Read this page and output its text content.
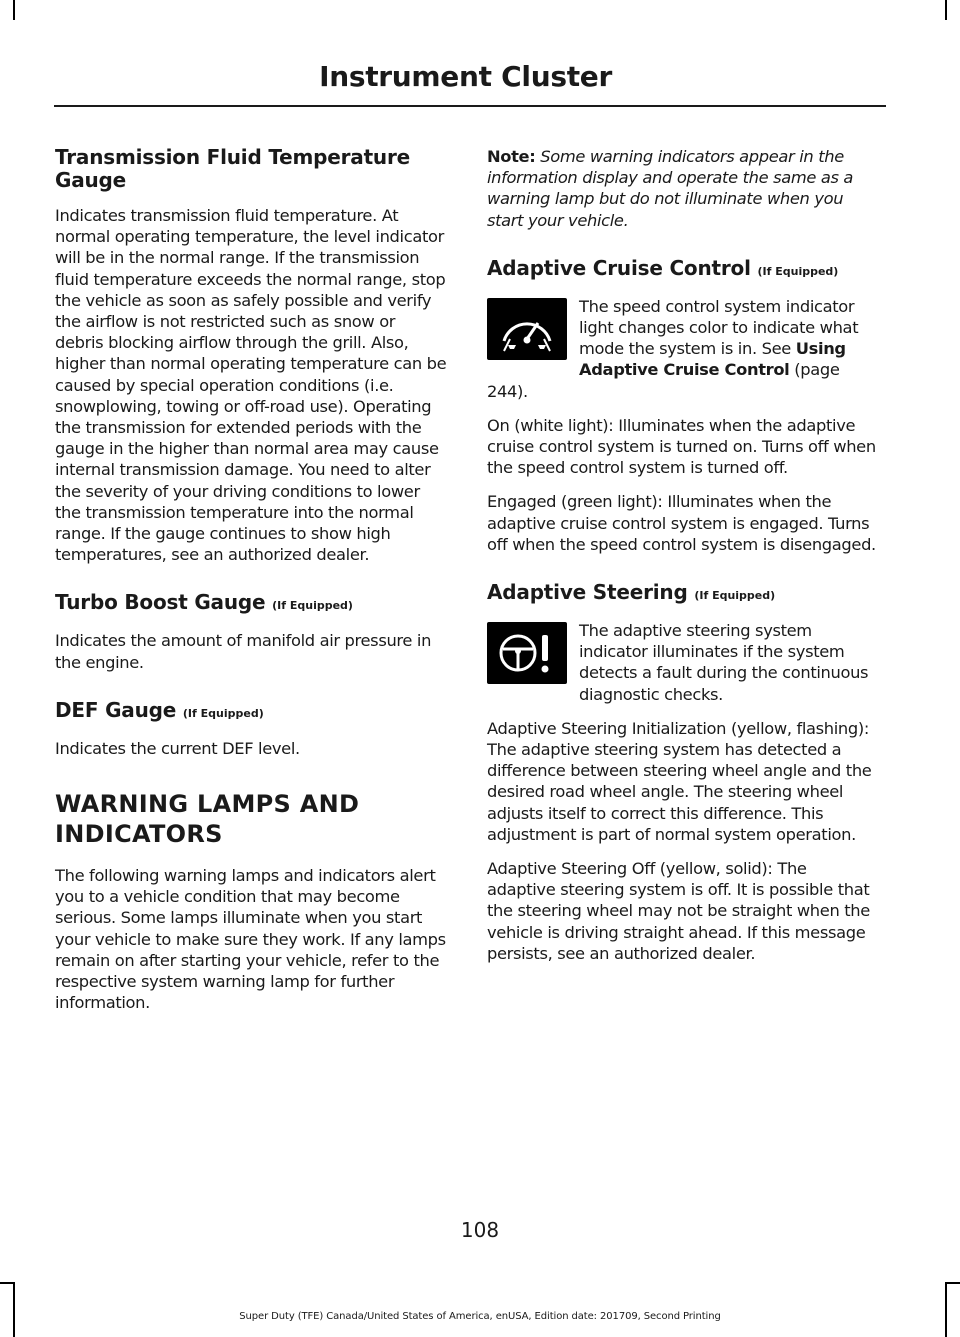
Instrument Cluster
Transmission Fluid Temperature Gauge

Indicates transmission fluid temperature. At normal operating temperature, the level indicator will be in the normal range. If the transmission fluid temperature exceeds the normal range, stop the vehicle as soon as safely possible and verify the airflow is not restricted such as snow or debris blocking airflow through the grill. Also, higher than normal operating temperature can be caused by special operation conditions (i.e. snowplowing, towing or off-road use). Operating the transmission for extended periods with the gauge in the higher than normal area may cause internal transmission damage. You need to alter the severity of your driving conditions to lower the transmission temperature into the normal range. If the gauge continues to show high temperatures, see an authorized dealer.

Turbo Boost Gauge (If Equipped)

Indicates the amount of manifold air pressure in the engine.

DEF Gauge (If Equipped)

Indicates the current DEF level.

WARNING LAMPS AND
INDICATORS

The following warning lamps and indicators alert you to a vehicle condition that may become serious. Some lamps illuminate when you start your vehicle to make sure they work. If any lamps remain on after starting your vehicle, refer to the respective system warning lamp for further information.

Note: Some warning indicators appear in the information display and operate the same as a warning lamp but do not illuminate when you start your vehicle.

Adaptive Cruise Control (If Equipped)

The speed control system indicator light changes color to indicate what mode the system is in. See Using Adaptive Cruise Control (page 244).

On (white light): Illuminates when the adaptive cruise control system is turned on. Turns off when the speed control system is turned off.

Engaged (green light): Illuminates when the adaptive cruise control system is engaged. Turns off when the speed control system is disengaged.

Adaptive Steering (If Equipped)

The adaptive steering system indicator illuminates if the system detects a fault during the continuous diagnostic checks.

Adaptive Steering Initialization (yellow, flashing): The adaptive steering system has detected a difference between steering wheel angle and the desired road wheel angle. The steering wheel adjusts itself to correct this difference. This adjustment is part of normal system operation.

Adaptive Steering Off (yellow, solid): The adaptive steering system is off. It is possible that the steering wheel may not be straight when the vehicle is driving straight ahead. If this message persists, see an authorized dealer.

108
Super Duty (TFE) Canada/United States of America, enUSA, Edition date: 201709, Second Printing
